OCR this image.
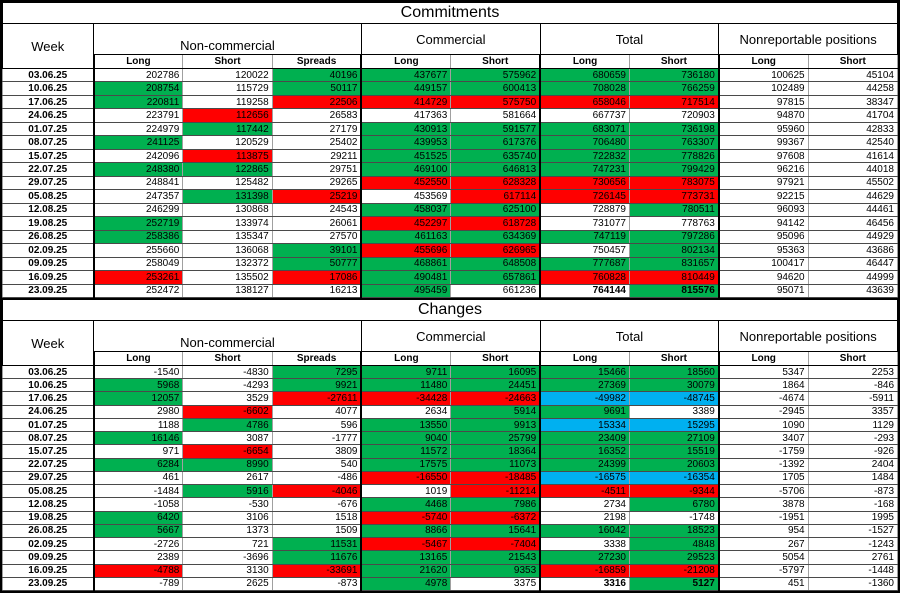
Commitments									
Week	Non-commercial			Commercial		Total		Nonreportable positions	
	Long	Short	Spreads	Long	Short	Long	Short	Long	Short
03.06.25	202786	120022	40196	437677	575962	680659	736180	100625	45104
10.06.25	208754	115729	50117	449157	600413	708028	766259	102489	44258
17.06.25	220811	119258	22506	414729	575750	658046	717514	97815	38347
24.06.25	223791	112656	26583	417363	581664	667737	720903	94870	41704
01.07.25	224979	117442	27179	430913	591577	683071	736198	95960	42833
08.07.25	241125	120529	25402	439953	617376	706480	763307	99367	42540
15.07.25	242096	113875	29211	451525	635740	722832	778826	97608	41614
22.07.25	248380	122865	29751	469100	646813	747231	799429	96216	44018
29.07.25	248841	125482	29265	452550	628328	730656	783075	97921	45502
05.08.25	247357	131398	25219	453569	617114	726145	773731	92215	44629
12.08.25	246299	130868	24543	458037	625100	728879	780511	96093	44461
19.08.25	252719	133974	26061	452297	618728	731077	778763	94142	46456
26.08.25	258386	135347	27570	461163	634369	747119	797286	95096	44929
02.09.25	255660	136068	39101	455696	626965	750457	802134	95363	43686
09.09.25	258049	132372	50777	468861	648508	777687	831657	100417	46447
16.09.25	253261	135502	17086	490481	657861	760828	810449	94620	44999
23.09.25	252472	138127	16213	495459	661236	764144	815576	95071	43639
Changes									
Week	Non-commercial			Commercial		Total		Nonreportable positions	
	Long	Short	Spreads	Long	Short	Long	Short	Long	Short
03.06.25	-1540	-4830	7295	9711	16095	15466	18560	5347	2253
10.06.25	5968	-4293	9921	11480	24451	27369	30079	1864	-846
17.06.25	12057	3529	-27611	-34428	-24663	-49982	-48745	-4674	-5911
24.06.25	2980	-6602	4077	2634	5914	9691	3389	-2945	3357
01.07.25	1188	4786	596	13550	9913	15334	15295	1090	1129
08.07.25	16146	3087	-1777	9040	25799	23409	27109	3407	-293
15.07.25	971	-6654	3809	11572	18364	16352	15519	-1759	-926
22.07.25	6284	8990	540	17575	11073	24399	20603	-1392	2404
29.07.25	461	2617	-486	-16550	-18485	-16575	-16354	1705	1484
05.08.25	-1484	5916	-4046	1019	-11214	-4511	-9344	-5706	-873
12.08.25	-1058	-530	-676	4468	7986	2734	6780	3878	-168
19.08.25	6420	3106	1518	-5740	-6372	2198	-1748	-1951	1995
26.08.25	5667	1373	1509	8866	15641	16042	18523	954	-1527
02.09.25	-2726	721	11531	-5467	-7404	3338	4848	267	-1243
09.09.25	2389	-3696	11676	13165	21543	27230	29523	5054	2761
16.09.25	-4788	3130	-33691	21620	9353	-16859	-21208	-5797	-1448
23.09.25	-789	2625	-873	4978	3375	3316	5127	451	-1360
